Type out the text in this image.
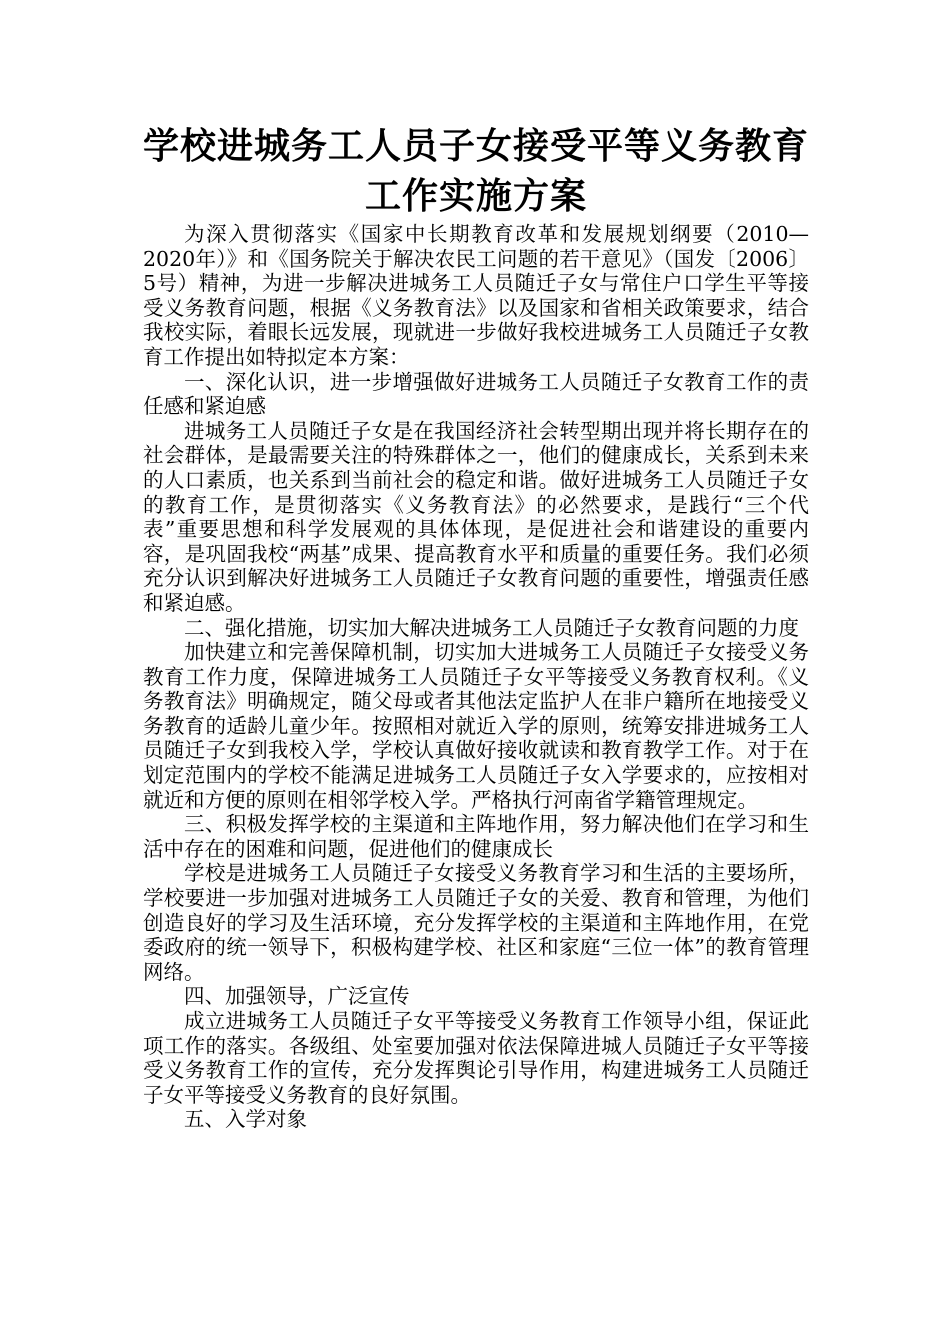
学校进城务工人员子女接受平等义务教育
工作实施方案

为深入贯彻落实《国家中长期教育改革和发展规划纲要（2010—2020年）》和《国务院关于解决农民工问题的若干意见》（国发〔2006〕5号）精神，为进一步解决进城务工人员随迁子女与常住户口学生平等接受义务教育问题，根据《义务教育法》以及国家和省相关政策要求，结合我校实际，着眼长远发展，现就进一步做好我校进城务工人员随迁子女教育工作提出如特拟定本方案：

一、深化认识，进一步增强做好进城务工人员随迁子女教育工作的责任感和紧迫感

进城务工人员随迁子女是在我国经济社会转型期出现并将长期存在的社会群体，是最需要关注的特殊群体之一，他们的健康成长，关系到未来的人口素质，也关系到当前社会的稳定和谐。做好进城务工人员随迁子女的教育工作，是贯彻落实《义务教育法》的必然要求，是践行“三个代表”重要思想和科学发展观的具体体现，是促进社会和谐建设的重要内容，是巩固我校“两基”成果、提高教育水平和质量的重要任务。我们必须充分认识到解决好进城务工人员随迁子女教育问题的重要性，增强责任感和紧迫感。

二、强化措施，切实加大解决进城务工人员随迁子女教育问题的力度

加快建立和完善保障机制，切实加大进城务工人员随迁子女接受义务教育工作力度，保障进城务工人员随迁子女平等接受义务教育权利。《义务教育法》明确规定，随父母或者其他法定监护人在非户籍所在地接受义务教育的适龄儿童少年。按照相对就近入学的原则，统筹安排进城务工人员随迁子女到我校入学，学校认真做好接收就读和教育教学工作。对于在划定范围内的学校不能满足进城务工人员随迁子女入学要求的，应按相对就近和方便的原则在相邻学校入学。严格执行河南省学籍管理规定。

三、积极发挥学校的主渠道和主阵地作用，努力解决他们在学习和生活中存在的困难和问题，促进他们的健康成长

学校是进城务工人员随迁子女接受义务教育学习和生活的主要场所，学校要进一步加强对进城务工人员随迁子女的关爱、教育和管理，为他们创造良好的学习及生活环境，充分发挥学校的主渠道和主阵地作用，在党委政府的统一领导下，积极构建学校、社区和家庭“三位一体”的教育管理网络。

四、加强领导，广泛宣传

成立进城务工人员随迁子女平等接受义务教育工作领导小组，保证此项工作的落实。各级组、处室要加强对依法保障进城人员随迁子女平等接受义务教育工作的宣传，充分发挥舆论引导作用，构建进城务工人员随迁子女平等接受义务教育的良好氛围。

五、入学对象
